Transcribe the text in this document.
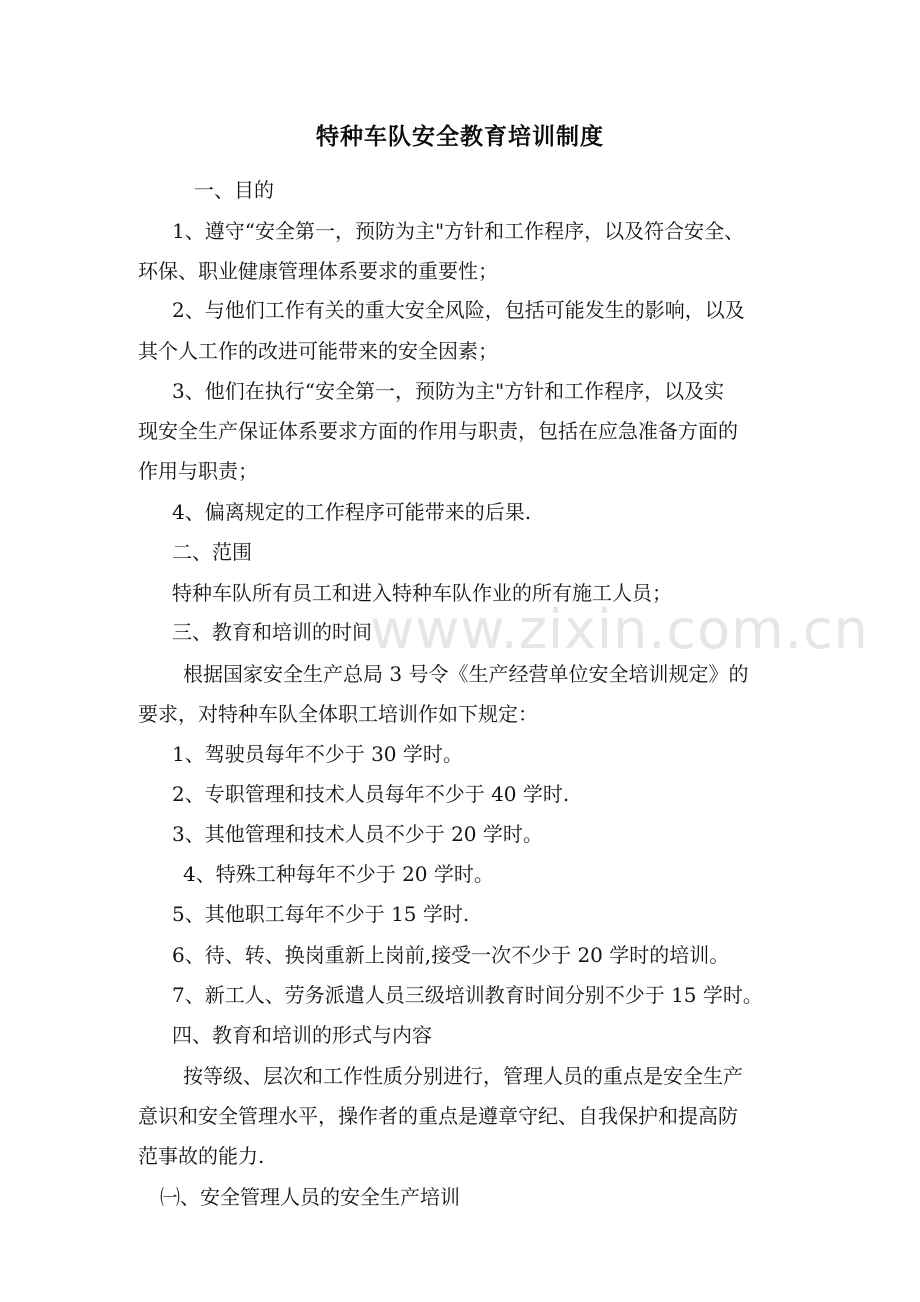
www.zixin.com.cn
特种车队安全教育培训制度
一、目的
1、遵守“安全第一，预防为主"方针和工作程序，以及符合安全、
环保、职业健康管理体系要求的重要性；
2、与他们工作有关的重大安全风险，包括可能发生的影响，以及
其个人工作的改进可能带来的安全因素；
3、他们在执行“安全第一，预防为主"方针和工作程序，以及实
现安全生产保证体系要求方面的作用与职责，包括在应急准备方面的
作用与职责；
4、偏离规定的工作程序可能带来的后果.
二、范围
特种车队所有员工和进入特种车队作业的所有施工人员；
三、教育和培训的时间
根据国家安全生产总局 3 号令《生产经营单位安全培训规定》的
要求，对特种车队全体职工培训作如下规定：
1、驾驶员每年不少于 30 学时。
2、专职管理和技术人员每年不少于 40 学时.
3、其他管理和技术人员不少于 20 学时。
4、特殊工种每年不少于 20 学时。
5、其他职工每年不少于 15 学时.
6、待、转、换岗重新上岗前,接受一次不少于 20 学时的培训。
7、新工人、劳务派遣人员三级培训教育时间分别不少于 15 学时。
四、教育和培训的形式与内容
按等级、层次和工作性质分别进行，管理人员的重点是安全生产
意识和安全管理水平，操作者的重点是遵章守纪、自我保护和提高防
范事故的能力.
㈠、安全管理人员的安全生产培训
